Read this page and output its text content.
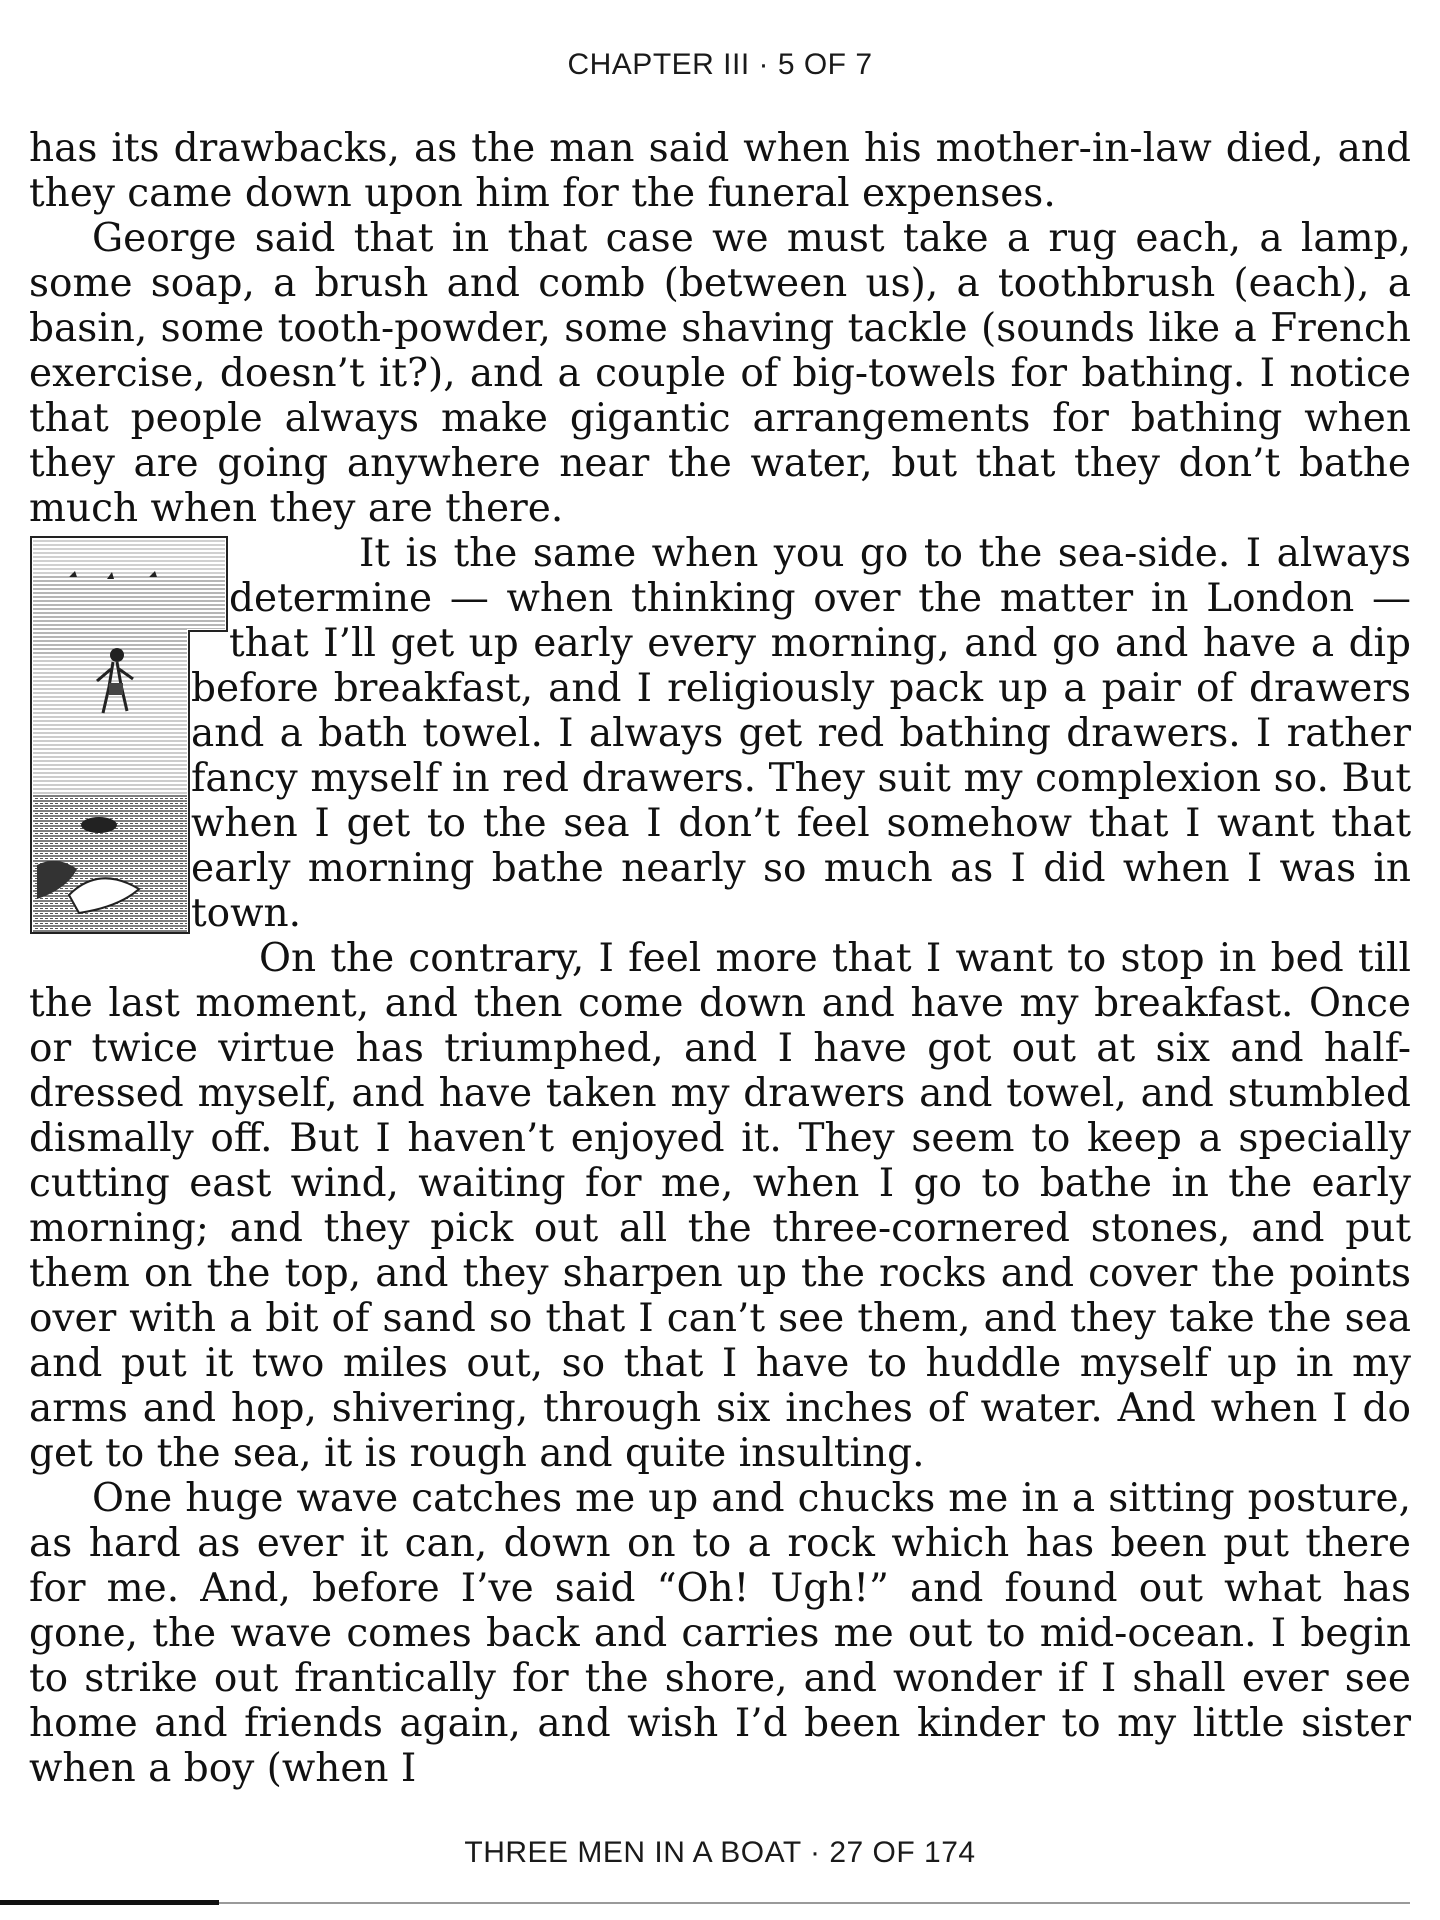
CHAPTER III · 5 OF 7

has its drawbacks, as the man said when his mother-in-law died, and they came down upon him for the funeral expenses.

George said that in that case we must take a rug each, a lamp, some soap, a brush and comb (between us), a toothbrush (each), a basin, some tooth-powder, some shaving tackle (sounds like a French exercise, doesn’t it?), and a couple of big-towels for bathing. I notice that people always make gigantic arrangements for bathing when they are going anywhere near the water, but that they don’t bathe much when they are there.

It is the same when you go to the sea-side. I always determine — when thinking over the matter in London — that I’ll get up early every morning, and go and have a dip before breakfast, and I religiously pack up a pair of drawers and a bath towel. I always get red bathing drawers. I rather fancy myself in red drawers. They suit my complexion so. But when I get to the sea I don’t feel somehow that I want that early morning bathe nearly so much as I did when I was in town.

On the contrary, I feel more that I want to stop in bed till the last moment, and then come down and have my breakfast. Once or twice virtue has triumphed, and I have got out at six and half-dressed myself, and have taken my drawers and towel, and stumbled dismally off. But I haven’t enjoyed it. They seem to keep a specially cutting east wind, waiting for me, when I go to bathe in the early morning; and they pick out all the three-cornered stones, and put them on the top, and they sharpen up the rocks and cover the points over with a bit of sand so that I can’t see them, and they take the sea and put it two miles out, so that I have to huddle myself up in my arms and hop, shivering, through six inches of water. And when I do get to the sea, it is rough and quite insulting.

One huge wave catches me up and chucks me in a sitting posture, as hard as ever it can, down on to a rock which has been put there for me. And, before I’ve said “Oh! Ugh!” and found out what has gone, the wave comes back and carries me out to mid-ocean. I begin to strike out frantically for the shore, and wonder if I shall ever see home and friends again, and wish I’d been kinder to my little sister when a boy (when I

THREE MEN IN A BOAT · 27 OF 174
